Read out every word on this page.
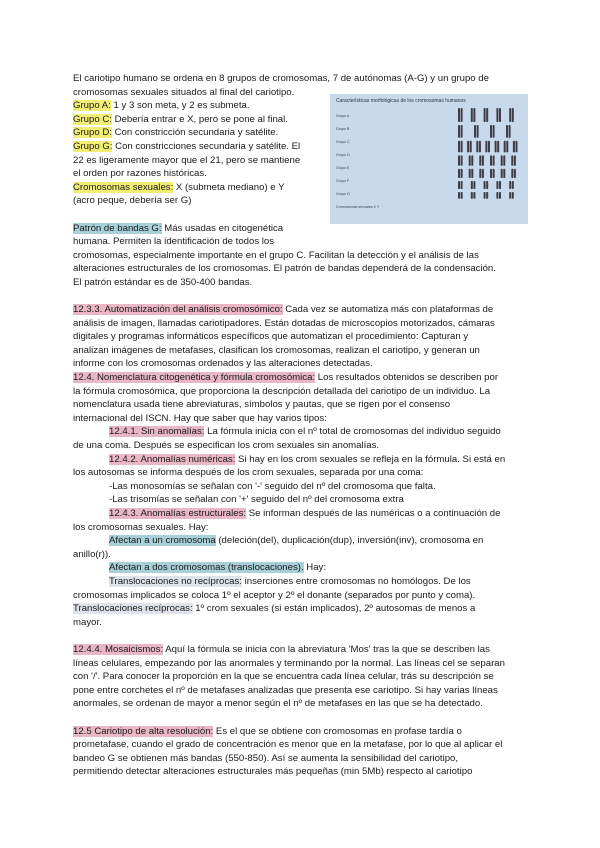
El cariotipo humano se ordena en 8 grupos de cromosomas, 7 de autónomas (A-G) y un grupo de

cromosomas sexuales situados al final del cariotipo.

Grupo A: 1 y 3 son meta, y 2 es submeta.

Grupo C: Debería entrar e X, pero se pone al final.

Grupo D: Con constricción secundaria y satélite.

Grupo G: Con constricciones secundaria y satélite. El

22 es ligeramente mayor que el 21, pero se mantiene

el orden por razones históricas.

Cromosomas sexuales: X (submeta mediano) e Y

(acro peque, debería ser G)

Patrón de bandas G: Más usadas en citogenética

humana. Permiten la identificación de todos los

cromosomas, especialmente importante en el grupo C. Facilitan la detección y el análisis de las

alteraciones estructurales de los cromosomas. El patrón de bandas dependerá de la condensación.

El patrón estándar es de 350-400 bandas.

12.3.3. Automatización del análisis cromosómico: Cada vez se automatiza más con plataformas de

análisis de imagen, llamadas cariotipadores. Están dotadas de microscopios motorizados, cámaras

digitales y programas informáticos específicos que automatizan el procedimiento: Capturan y

analizan imágenes de metafases, clasifican los cromosomas, realizan el cariotipo, y generan un

informe con los cromosomas ordenados y las alteraciones detectadas.

12.4. Nomenclatura citogenética y fórmula cromosómica: Los resultados obtenidos se describen por

la fórmula cromosómica, que proporciona la descripción detallada del cariotipo de un individuo. La

nomenclatura usada tiene abreviaturas, símbolos y pautas, que se rigen por el consenso

internacional del ISCN. Hay que saber que hay varios tipos:

12.4.1. Sin anomalías: La fórmula inicia con el nº total de cromosomas del individuo seguido

de una coma. Después se especifican los crom sexuales sin anomalías.

12.4.2. Anomalías numéricas: Si hay en los crom sexuales se refleja en la fórmula. Si está en

los autosomas se informa después de los crom sexuales, separada por una coma:

-Las monosomías se señalan con '-' seguido del nº del cromosoma que falta.

-Las trisomías se señalan con '+' seguido del nº del cromosoma extra

12.4.3. Anomalías estructurales: Se informan después de las numéricas o a continuación de

los cromosomas sexuales. Hay:

Afectan a un cromosoma (deleción(del), duplicación(dup), inversión(inv), cromosoma en

anillo(r)).

Afectan a dos cromosomas (translocaciones). Hay:

Translocaciones no recíprocas: inserciones entre cromosomas no homólogos. De los

cromosomas implicados se coloca 1º el aceptor y 2º el donante (separados por punto y coma).

Translocaciones recíprocas: 1º crom sexuales (si están implicados), 2º autosomas de menos a

mayor.

12.4.4. Mosaicismos: Aquí la fórmula se inicia con la abreviatura 'Mos' tras la que se describen las

líneas celulares, empezando por las anormales y terminando por la normal. Las líneas cel se separan

con '/'. Para conocer la proporción en la que se encuentra cada línea celular, trás su descripción se

pone entre corchetes el nº de metafases analizadas que presenta ese cariotipo. Si hay varias líneas

anormales, se ordenan de mayor a menor según el nº de metafases en las que se ha detectado.

12.5 Cariotipo de alta resolución: Es el que se obtiene con cromosomas en profase tardía o

prometafase, cuando el grado de concentración es menor que en la metafase, por lo que al aplicar el

bandeo G se obtienen más bandas (550-850). Así se aumenta la sensibilidad del cariotipo,

permitiendo detectar alteraciones estructurales más pequeñas (min 5Mb) respecto al cariotipo

Características morfológicas de los cromosomas humanos
Grupo A
Grupo B
Grupo C
Grupo D
Grupo E
Grupo F
Grupo G
Cromosomas sexuales X Y
